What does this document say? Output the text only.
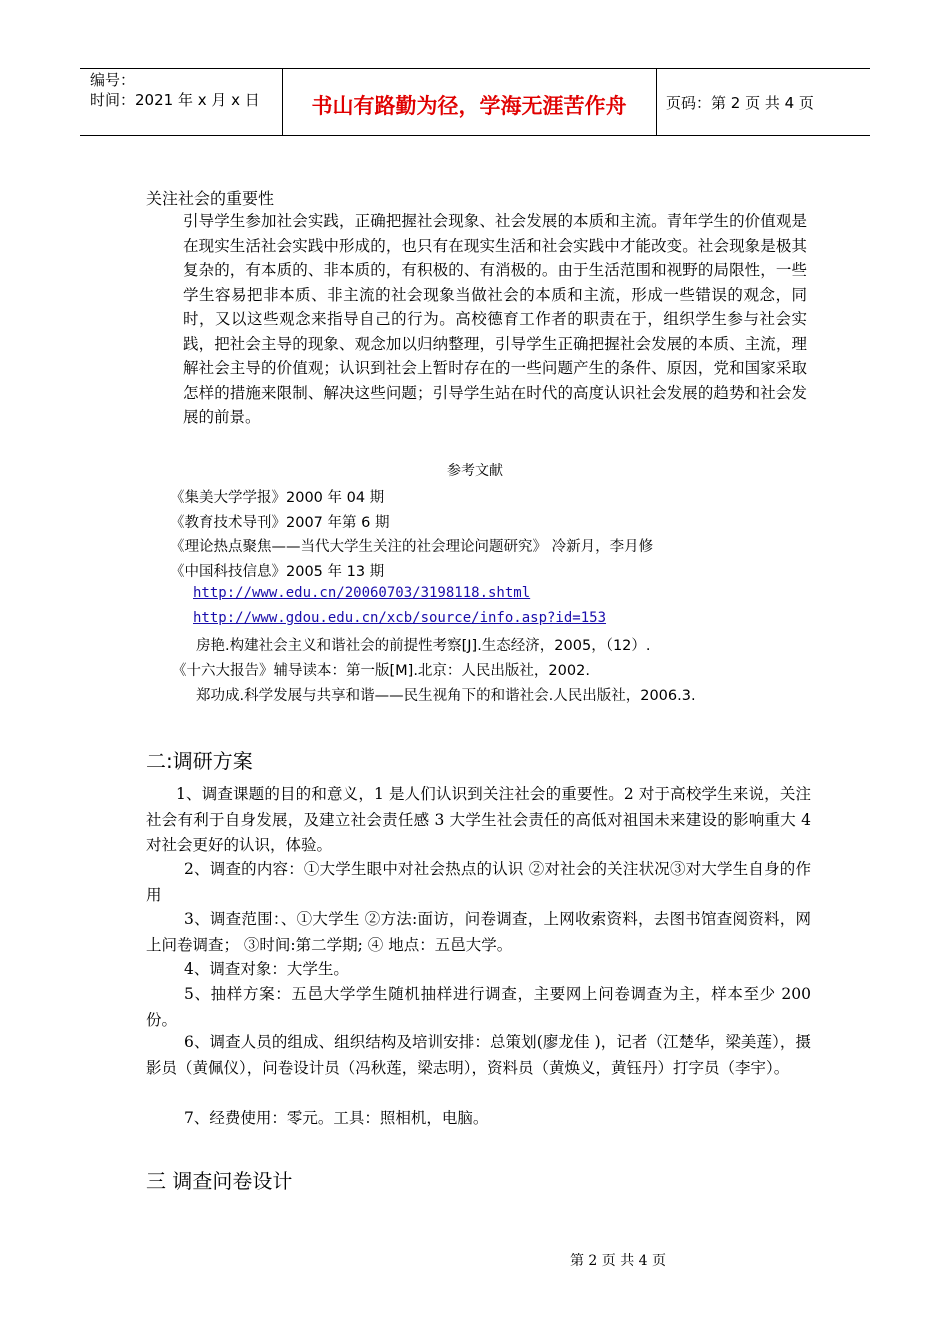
编号：
时间：2021 年 x 月 x 日	书山有路勤为径，学海无涯苦作舟	页码：第 2 页 共 4 页
关注社会的重要性
引导学生参加社会实践，正确把握社会现象、社会发展的本质和主流。青年学生的价值观是在现实生活社会实践中形成的，也只有在现实生活和社会实践中才能改变。社会现象是极其复杂的，有本质的、非本质的，有积极的、有消极的。由于生活范围和视野的局限性，一些学生容易把非本质、非主流的社会现象当做社会的本质和主流，形成一些错误的观念，同时，又以这些观念来指导自己的行为。高校德育工作者的职责在于，组织学生参与社会实践，把社会主导的现象、观念加以归纳整理，引导学生正确把握社会发展的本质、主流，理解社会主导的价值观；认识到社会上暂时存在的一些问题产生的条件、原因，党和国家采取怎样的措施来限制、解决这些问题；引导学生站在时代的高度认识社会发展的趋势和社会发展的前景。
参考文献
《集美大学学报》2000 年 04 期
《教育技术导刊》2007 年第 6 期
《理论热点聚焦——当代大学生关注的社会理论问题研究》 冷新月，李月修
《中国科技信息》2005 年 13 期
http://www.edu.cn/20060703/3198118.shtml
http://www.gdou.edu.cn/xcb/source/info.asp?id=153
房艳.构建社会主义和谐社会的前提性考察[J].生态经济，2005，（12）.
《十六大报告》辅导读本：第一版[M].北京：人民出版社，2002.
郑功成.科学发展与共享和谐——民生视角下的和谐社会.人民出版社，2006.3.
二:调研方案
1、调查课题的目的和意义，1 是人们认识到关注社会的重要性。2 对于高校学生来说，关注社会有利于自身发展，及建立社会责任感 3 大学生社会责任的高低对祖国未来建设的影响重大 4 对社会更好的认识，体验。
2、调查的内容：①大学生眼中对社会热点的认识 ②对社会的关注状况③对大学生自身的作用
3、调查范围：、①大学生 ②方法:面访，问卷调查，上网收索资料，去图书馆查阅资料，网上问卷调查； ③时间:第二学期; ④ 地点：五邑大学。
4、调查对象：大学生。
5、抽样方案：五邑大学学生随机抽样进行调查，主要网上问卷调查为主，样本至少 200 份。
6、调查人员的组成、组织结构及培训安排：总策划(廖龙佳 )，记者（江楚华，梁美莲），摄影员（黄佩仪），问卷设计员（冯秋莲，梁志明），资料员（黄焕义，黄钰丹）打字员（李宇）。
7、经费使用：零元。工具：照相机，电脑。
三 调查问卷设计
第 2 页 共 4 页
